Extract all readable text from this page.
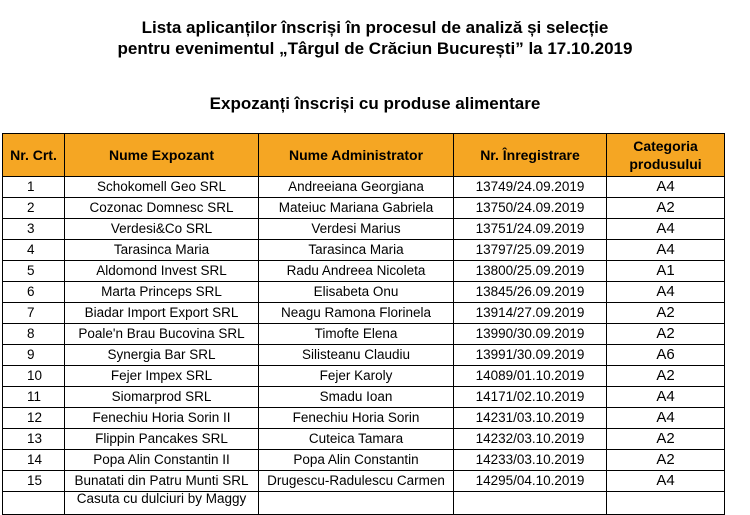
Lista aplicanților înscriși în procesul de analiză și selecție
pentru evenimentul „Târgul de Crăciun București” la 17.10.2019
Expozanți înscriși cu produse alimentare
Nr. Crt.	Nume Expozant	Nume Administrator	Nr. Înregistrare	Categoria
produsului

1	Schokomell Geo SRL	Andreeiana Georgiana	13749/24.09.2019	A4
2	Cozonac Domnesc SRL	Mateiuc Mariana Gabriela	13750/24.09.2019	A2
3	Verdesi&Co SRL	Verdesi Marius	13751/24.09.2019	A4
4	Tarasinca Maria	Tarasinca Maria	13797/25.09.2019	A4
5	Aldomond Invest SRL	Radu Andreea Nicoleta	13800/25.09.2019	A1
6	Marta Princeps SRL	Elisabeta Onu	13845/26.09.2019	A4
7	Biadar Import Export SRL	Neagu Ramona Florinela	13914/27.09.2019	A2
8	Poale'n Brau Bucovina SRL	Timofte Elena	13990/30.09.2019	A2
9	Synergia Bar SRL	Silisteanu Claudiu	13991/30.09.2019	A6
10	Fejer Impex SRL	Fejer Karoly	14089/01.10.2019	A2
11	Siomarprod SRL	Smadu Ioan	14171/02.10.2019	A4
12	Fenechiu Horia Sorin II	Fenechiu Horia Sorin	14231/03.10.2019	A4
13	Flippin Pancakes SRL	Cuteica Tamara	14232/03.10.2019	A2
14	Popa Alin Constantin II	Popa Alin Constantin	14233/03.10.2019	A2
15	Bunatati din Patru Munti SRL	Drugescu-Radulescu Carmen	14295/04.10.2019	A4

	Casuta cu dulciuri by Maggy			
